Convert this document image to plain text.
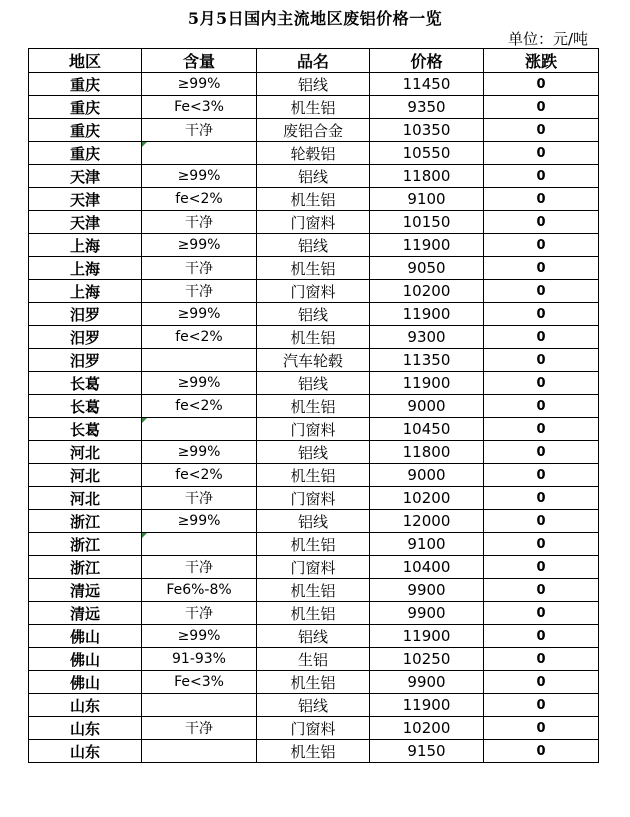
5月5日国内主流地区废铝价格一览
单位：元/吨
地区	含量	品名	价格	涨跌
重庆	≥99%	铝线	11450	0
重庆	Fe<3%	机生铝	9350	0
重庆	干净	废铝合金	10350	0
重庆		轮毂铝	10550	0
天津	≥99%	铝线	11800	0
天津	fe<2%	机生铝	9100	0
天津	干净	门窗料	10150	0
上海	≥99%	铝线	11900	0
上海	干净	机生铝	9050	0
上海	干净	门窗料	10200	0
汨罗	≥99%	铝线	11900	0
汨罗	fe<2%	机生铝	9300	0
汨罗		汽车轮毂	11350	0
长葛	≥99%	铝线	11900	0
长葛	fe<2%	机生铝	9000	0
长葛		门窗料	10450	0
河北	≥99%	铝线	11800	0
河北	fe<2%	机生铝	9000	0
河北	干净	门窗料	10200	0
浙江	≥99%	铝线	12000	0
浙江		机生铝	9100	0
浙江	干净	门窗料	10400	0
清远	Fe6%-8%	机生铝	9900	0
清远	干净	机生铝	9900	0
佛山	≥99%	铝线	11900	0
佛山	91-93%	生铝	10250	0
佛山	Fe<3%	机生铝	9900	0
山东		铝线	11900	0
山东	干净	门窗料	10200	0
山东		机生铝	9150	0
